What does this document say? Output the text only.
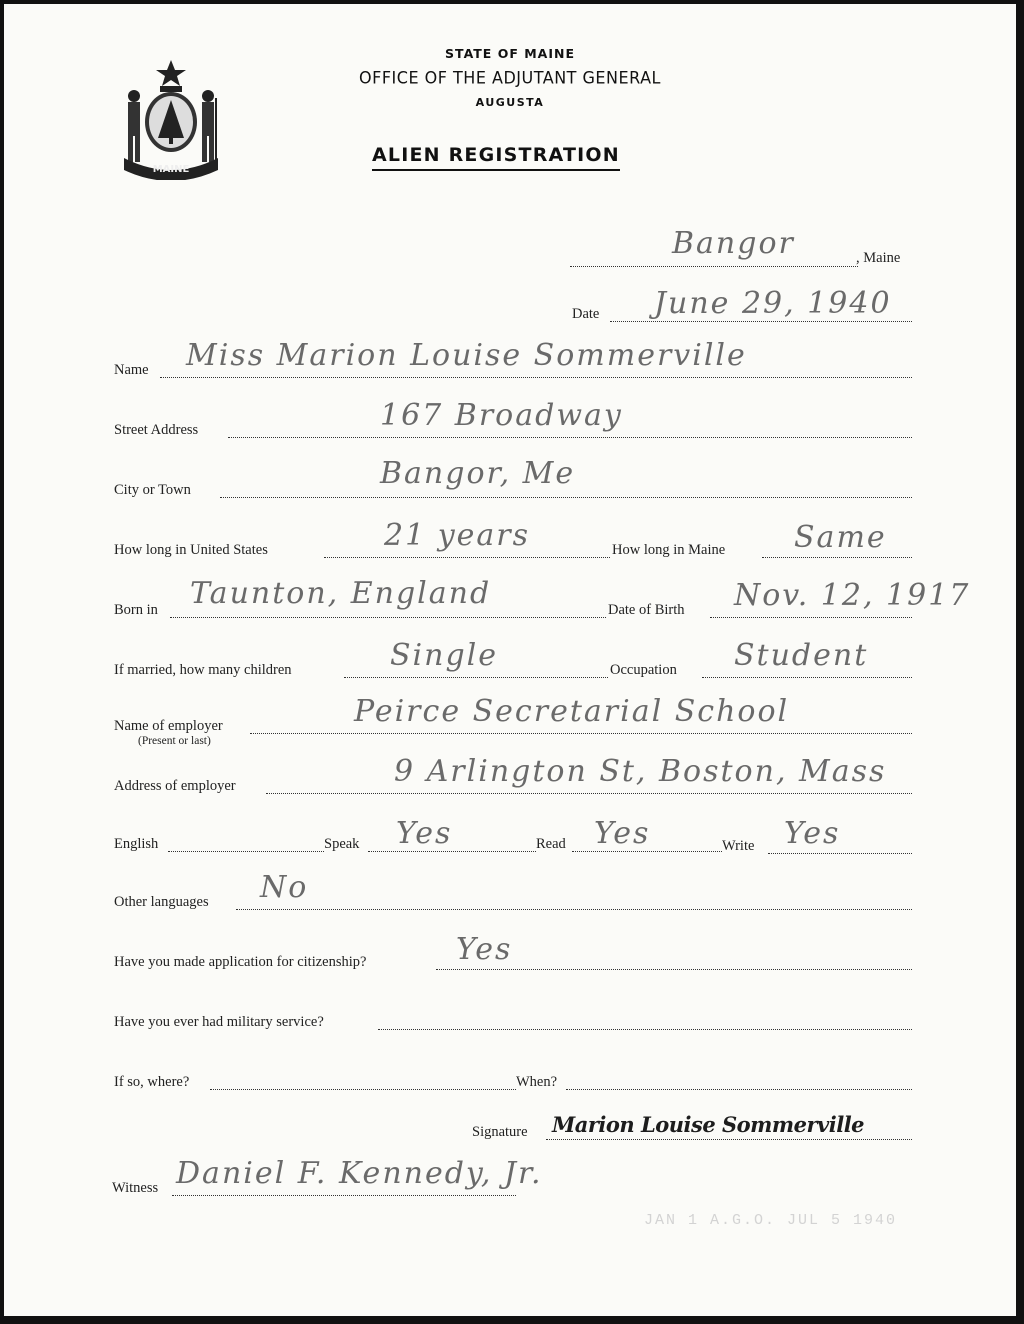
MAINE
STATE OF MAINE
OFFICE OF THE ADJUTANT GENERAL
AUGUSTA
ALIEN REGISTRATION
, Maine
Bangor
Date June 29, 1940
Name Miss Marion Louise Sommerville
Street Address	167 Broadway
City or Town	Bangor, Me
How long in United States	21 years	How long in Maine Same
Born in Taunton, England	Date of Birth Nov. 12, 1917
If married, how many children	Single	Occupation Student
Name of employer
(Present or last)
Peirce Secretarial School
Address of employer	9 Arlington St, Boston, Mass
English	Speak Yes	Read Yes	Write Yes
Other languages No
Have you made application for citizenship?	Yes
Have you ever had military service?
If so, where?	When?
Signature Marion Louise Sommerville
Witness Daniel F. Kennedy, Jr.
JAN 1 A.G.O. JUL 5 1940
